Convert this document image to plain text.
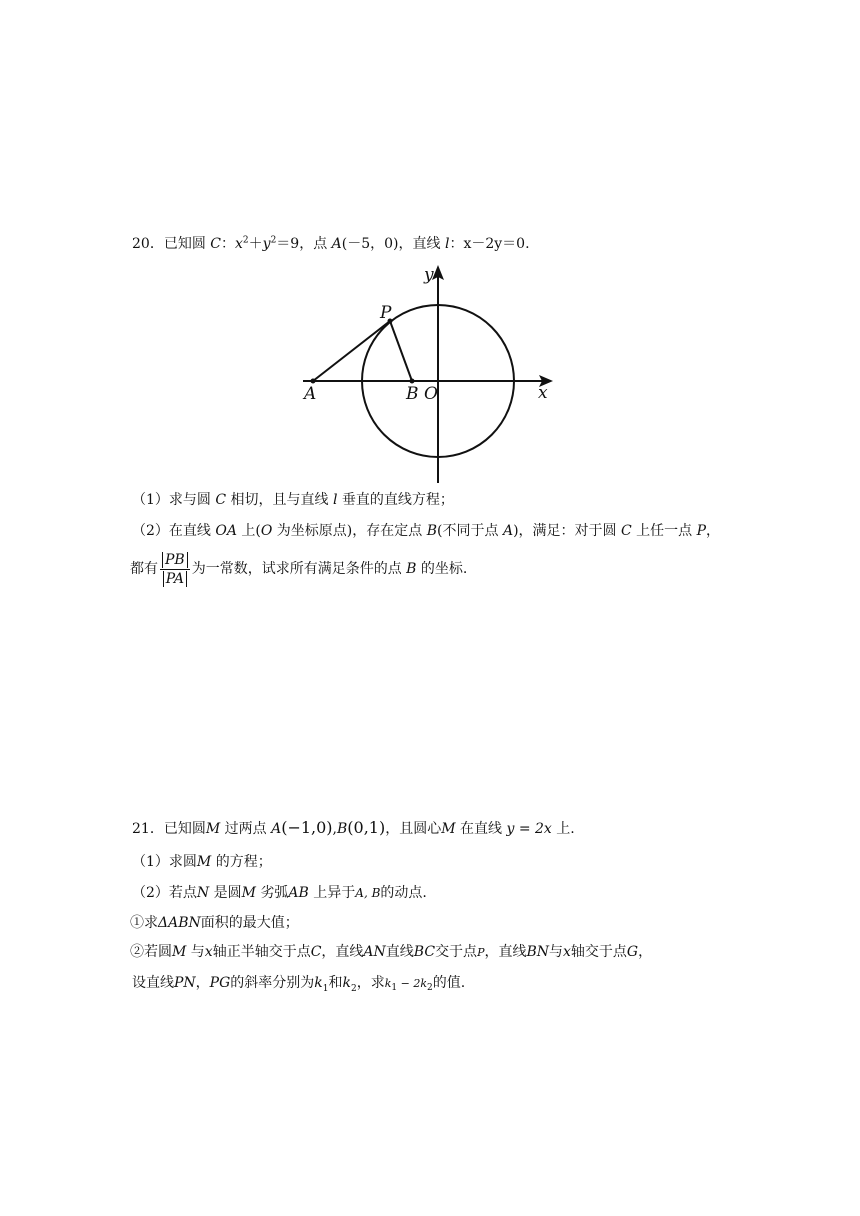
20．已知圆 C：$x^2+y^2=9$，点 A(－5，0)，直线 l：x－2y＝0.
y
x
P
A	B O
（1）求与圆 C 相切，且与直线 l 垂直的直线方程；
（2）在直线 OA 上(O 为坐标原点)，存在定点 B(不同于点 A)，满足：对于圆 C 上任一点 P，
都有 $\frac{PB}{PA}$ 为一常数，试求所有满足条件的点 B 的坐标.
21．已知圆M 过两点 A(−1,0),B(0,1)，且圆心M 在直线 y = 2x 上.
（1）求圆M 的方程；
（2）若点N 是圆M 劣弧AB 上异于A, B的动点.
①求ΔABN面积的最大值；
②若圆M 与x轴正半轴交于点C，直线AN直线BC交于点P，直线BN与x轴交于点G，
设直线PN，PG的斜率分别为$k_1$和$k_2$，求$k_1 - 2k_2$的值.
